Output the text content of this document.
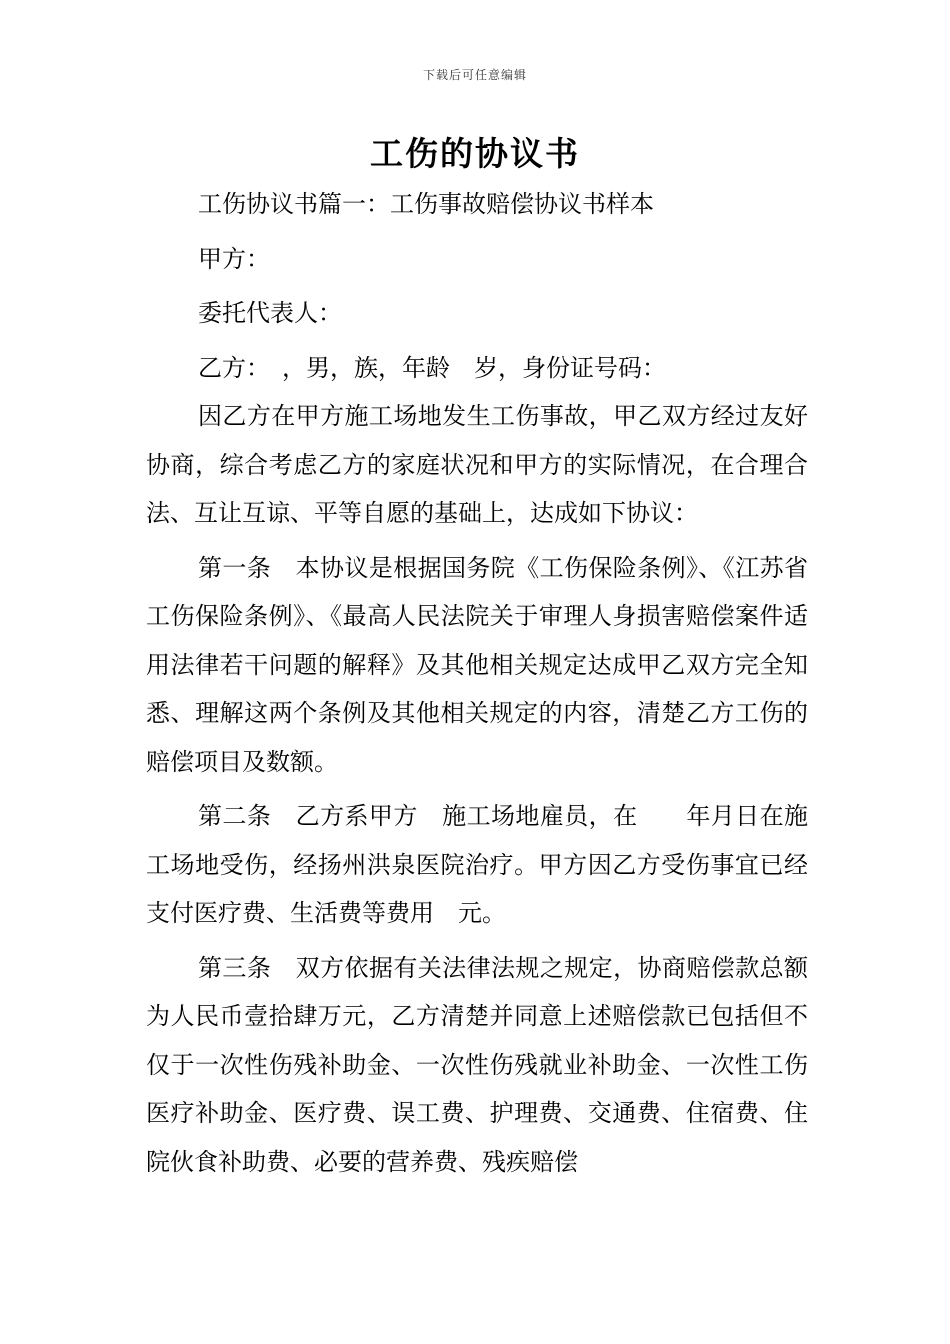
下载后可任意编辑
工伤的协议书

工伤协议书篇一：工伤事故赔偿协议书样本

甲方：

委托代表人：

乙方：　，男，族，年龄　岁，身份证号码：

因乙方在甲方施工场地发生工伤事故，甲乙双方经过友好协商，综合考虑乙方的家庭状况和甲方的实际情况，在合理合法、互让互谅、平等自愿的基础上，达成如下协议：

第一条　本协议是根据国务院《工伤保险条例》、《江苏省工伤保险条例》、《最高人民法院关于审理人身损害赔偿案件适用法律若干问题的解释》及其他相关规定达成甲乙双方完全知悉、理解这两个条例及其他相关规定的内容，清楚乙方工伤的赔偿项目及数额。

第二条　乙方系甲方　施工场地雇员，在　　年月日在施工场地受伤，经扬州洪泉医院治疗。甲方因乙方受伤事宜已经支付医疗费、生活费等费用　元。

第三条　双方依据有关法律法规之规定，协商赔偿款总额为人民币壹拾肆万元，乙方清楚并同意上述赔偿款已包括但不仅于一次性伤残补助金、一次性伤残就业补助金、一次性工伤医疗补助金、医疗费、误工费、护理费、交通费、住宿费、住院伙食补助费、必要的营养费、残疾赔偿
